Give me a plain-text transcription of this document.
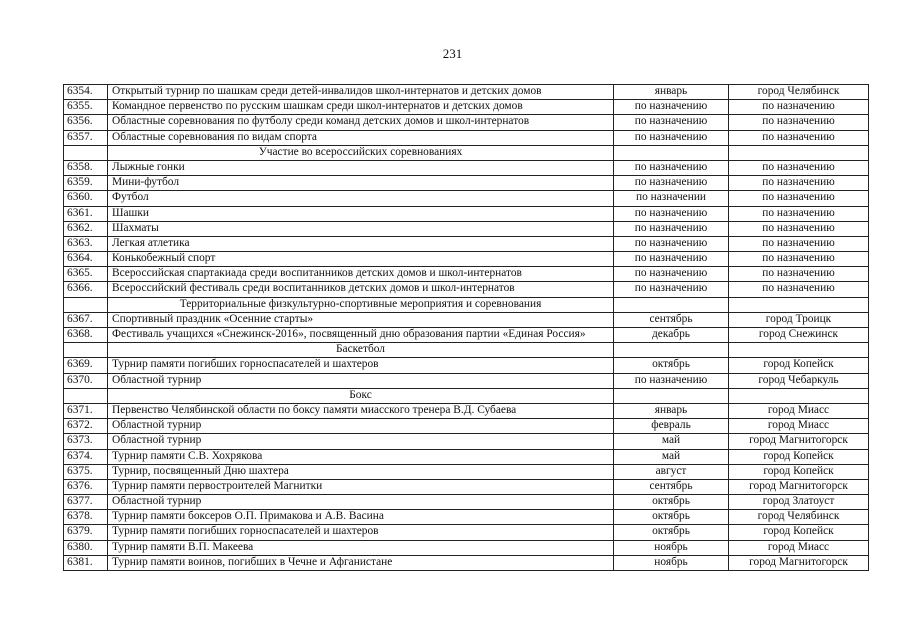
231
6354.	Открытый турнир по шашкам среди детей-инвалидов школ-интернатов и детских домов	январь	город Челябинск
6355.	Командное первенство по русским шашкам среди школ-интернатов и детских домов	по назначению	по назначению
6356.	Областные соревнования по футболу среди команд детских домов и школ-интернатов	по назначению	по назначению
6357.	Областные соревнования по видам спорта	по назначению	по назначению
	Участие во всероссийских соревнованиях		
6358.	Лыжные гонки	по назначению	по назначению
6359.	Мини-футбол	по назначению	по назначению
6360.	Футбол	по назначении	по назначению
6361.	Шашки	по назначению	по назначению
6362.	Шахматы	по назначению	по назначению
6363.	Легкая атлетика	по назначению	по назначению
6364.	Конькобежный спорт	по назначению	по назначению
6365.	Всероссийская спартакиада среди воспитанников детских домов и школ-интернатов	по назначению	по назначению
6366.	Всероссийский фестиваль среди воспитанников детских домов и школ-интернатов	по назначению	по назначению
	Территориальные физкультурно-спортивные мероприятия и соревнования		
6367.	Спортивный праздник «Осенние старты»	сентябрь	город Троицк
6368.	Фестиваль учащихся «Снежинск-2016», посвященный дню образования партии «Единая Россия»	декабрь	город Снежинск
	Баскетбол		
6369.	Турнир памяти погибших горноспасателей и шахтеров	октябрь	город Копейск
6370.	Областной турнир	по назначению	город Чебаркуль
	Бокс		
6371.	Первенство Челябинской области по боксу памяти миасского тренера В.Д. Субаева	январь	город Миасс
6372.	Областной турнир	февраль	город Миасс
6373.	Областной турнир	май	город Магнитогорск
6374.	Турнир памяти С.В. Хохрякова	май	город Копейск
6375.	Турнир, посвященный Дню шахтера	август	город Копейск
6376.	Турнир памяти первостроителей Магнитки	сентябрь	город Магнитогорск
6377.	Областной турнир	октябрь	город Златоуст
6378.	Турнир памяти боксеров О.П. Примакова и А.В. Васина	октябрь	город Челябинск
6379.	Турнир памяти погибших горноспасателей и шахтеров	октябрь	город Копейск
6380.	Турнир памяти В.П. Макеева	ноябрь	город Миасс
6381.	Турнир памяти воинов, погибших в Чечне и Афганистане	ноябрь	город Магнитогорск
